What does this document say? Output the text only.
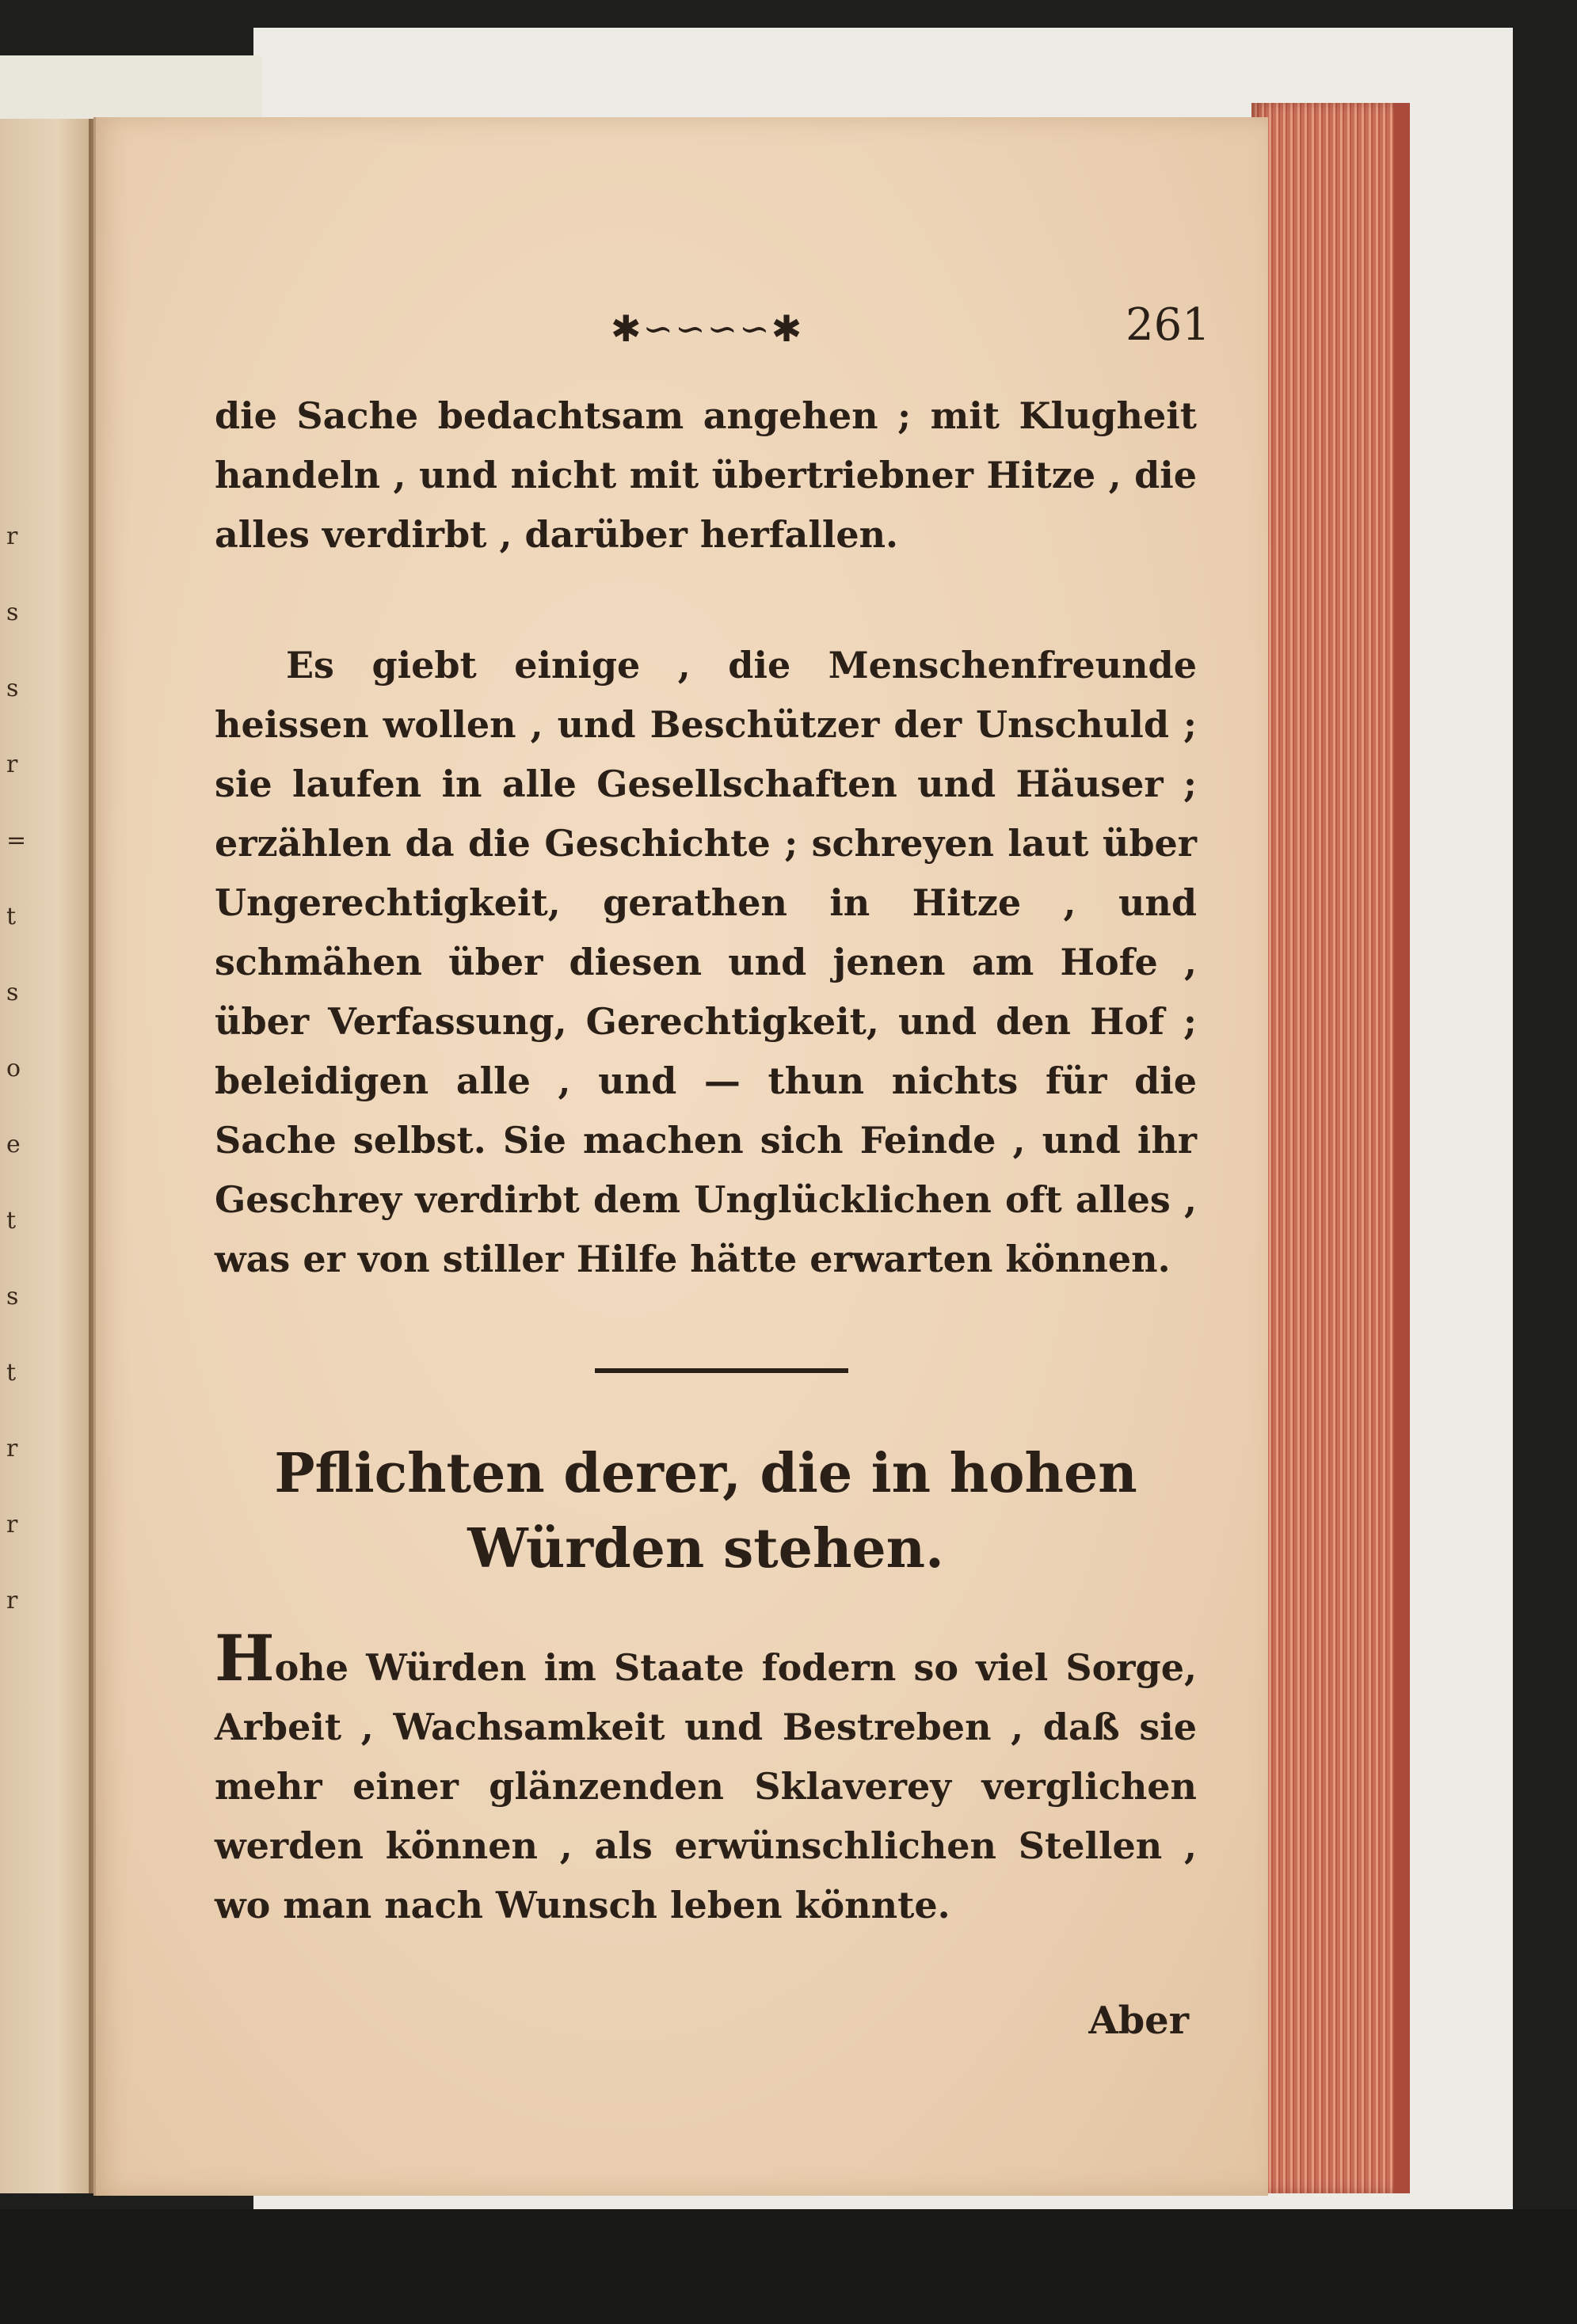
r
s
s
r
=
t
s
o
e
t
s
t
r
r
r
✱∽∽∽∽✱	261

die Sache bedachtsam angehen ; mit Klugheit handeln , und nicht mit übertriebner Hitze , die alles verdirbt , darüber herfallen.

Es giebt einige , die Menschenfreunde heissen wollen , und Beschützer der Unschuld ; sie laufen in alle Gesellschaften und Häuser ; erzählen da die Geschichte ; schreyen laut über Ungerechtigkeit, gerathen in Hitze , und schmähen über diesen und jenen am Hofe , über Verfassung, Gerechtigkeit, und den Hof ; beleidigen alle , und — thun nichts für die Sache selbst. Sie machen sich Feinde , und ihr Geschrey verdirbt dem Unglücklichen oft alles , was er von stiller Hilfe hätte erwarten können.

Pflichten derer, die in hohen Würden stehen.

Hohe Würden im Staate fodern so viel Sorge, Arbeit , Wachsamkeit und Bestreben , daß sie mehr einer glänzenden Sklaverey verglichen werden können , als erwünschlichen Stellen , wo man nach Wunsch leben könnte.

Aber
